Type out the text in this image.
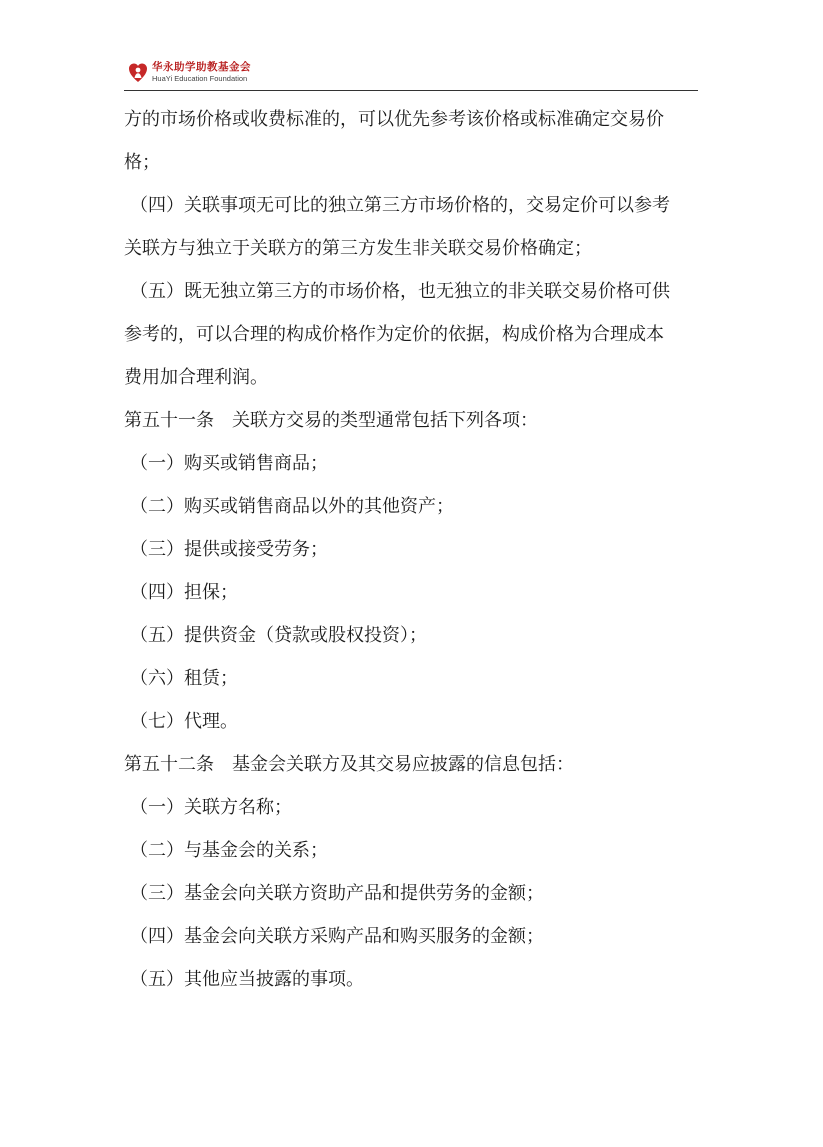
华永助学助教基金会
HuaYi Education Foundation
方的市场价格或收费标准的，可以优先参考该价格或标准确定交易价
格；
（四）关联事项无可比的独立第三方市场价格的，交易定价可以参考
关联方与独立于关联方的第三方发生非关联交易价格确定；
（五）既无独立第三方的市场价格，也无独立的非关联交易价格可供
参考的，可以合理的构成价格作为定价的依据，构成价格为合理成本
费用加合理利润。
第五十一条　关联方交易的类型通常包括下列各项：
（一）购买或销售商品；
（二）购买或销售商品以外的其他资产；
（三）提供或接受劳务；
（四）担保；
（五）提供资金（贷款或股权投资）；
（六）租赁；
（七）代理。
第五十二条　基金会关联方及其交易应披露的信息包括：
（一）关联方名称；
（二）与基金会的关系；
（三）基金会向关联方资助产品和提供劳务的金额；
（四）基金会向关联方采购产品和购买服务的金额；
（五）其他应当披露的事项。
